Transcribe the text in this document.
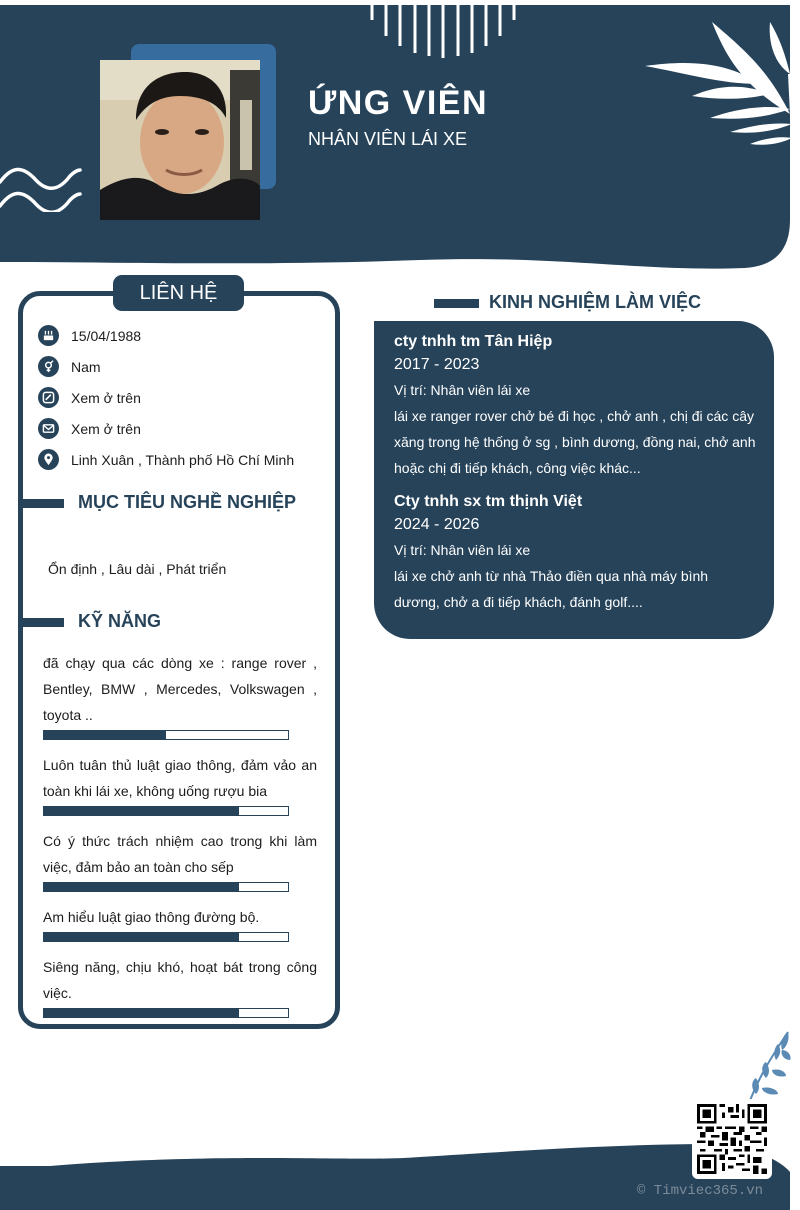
ỨNG VIÊN
NHÂN VIÊN LÁI XE
LIÊN HỆ
15/04/1988
Nam
Xem ở trên
Xem ở trên
Linh Xuân , Thành phố Hồ Chí Minh
MỤC TIÊU NGHỀ NGHIỆP
Ổn định , Lâu dài , Phát triển
KỸ NĂNG
đã chạy qua các dòng xe : range rover , Bentley, BMW , Mercedes, Volkswagen , toyota ..
Luôn tuân thủ luật giao thông, đảm vảo an toàn khi lái xe, không uống rượu bia
Có ý thức trách nhiệm cao trong khi làm việc, đảm bảo an toàn cho sếp
Am hiểu luật giao thông đường bộ.
Siêng năng, chịu khó, hoạt bát trong công việc.
KINH NGHIỆM LÀM VIỆC
cty tnhh tm Tân Hiệp
2017 - 2023
Vị trí: Nhân viên lái xe
lái xe ranger rover chở bé đi học , chở anh , chị đi các cây xăng trong hệ thống ở sg , bình dương, đồng nai, chở anh hoặc chị đi tiếp khách, công việc khác...
Cty tnhh sx tm thịnh Việt
2024 - 2026
Vị trí: Nhân viên lái xe
lái xe chở anh từ nhà Thảo điền qua nhà máy bình dương, chở a đi tiếp khách, đánh golf....
© Timviec365.vn
